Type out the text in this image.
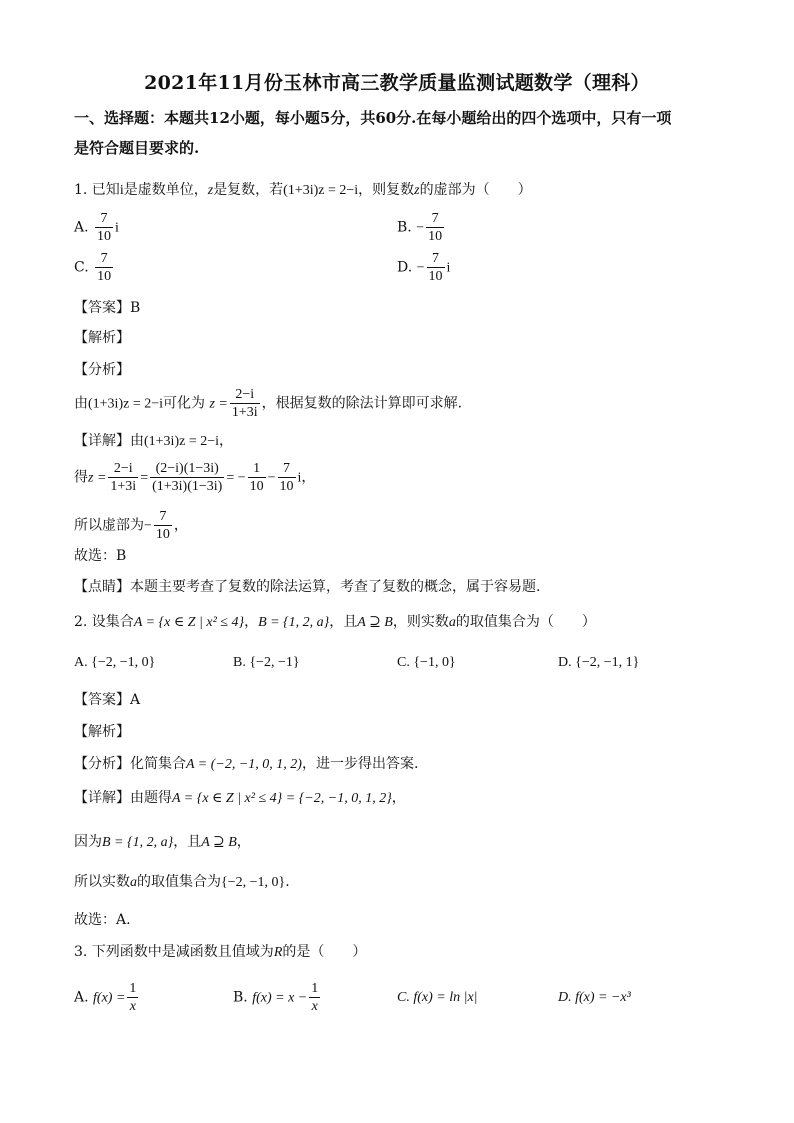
2021年11月份玉林市高三教学质量监测试题数学（理科）
一、选择题：本题共12小题，每小题5分，共60分.在每小题给出的四个选项中，只有一项
是符合题目要求的.
1. 已知i是虚数单位，z是复数，若(1+3i)z = 2−i，则复数z的虚部为（　　）
A. $\frac{7}{10}$ i	B. − $\frac{7}{10}$
C. $\frac{7}{10}$	D. − $\frac{7}{10}$ i
【答案】B
【解析】
【分析】
由(1+3i)z = 2−i可化为 $z = \frac{2-i}{1+3i}$ ，根据复数的除法计算即可求解.
【详解】由(1+3i)z = 2−i，
得$z = \frac{2-i}{1+3i} = \frac{(2-i)(1-3i)}{(1+3i)(1-3i)}$ = − $\frac{1}{10} - \frac{7}{10}$ i，
所以虚部为− $\frac{7}{10}$ ，
故选：B
【点睛】本题主要考查了复数的除法运算，考查了复数的概念，属于容易题.
2. 设集合A = {x ∈ Z | x² ≤ 4}，B = {1, 2, a}，且A ⊇ B，则实数a的取值集合为（　　）
A. {−2, −1, 0}	B. {−2, −1}	C. {−1, 0}	D. {−2, −1, 1}
【答案】A
【解析】
【分析】化简集合A = (−2, −1, 0, 1, 2)，进一步得出答案.
【详解】由题得A = {x ∈ Z | x² ≤ 4} = {−2, −1, 0, 1, 2}，
因为B = {1, 2, a}，且A ⊇ B，
所以实数a的取值集合为{−2, −1, 0}.
故选：A.
3. 下列函数中是减函数且值域为R的是（　　）
A. $f(x) = \frac{1}{x}$	B. $f(x) = x - \frac{1}{x}$	C. f(x) = ln |x|	D. f(x) = −x³
